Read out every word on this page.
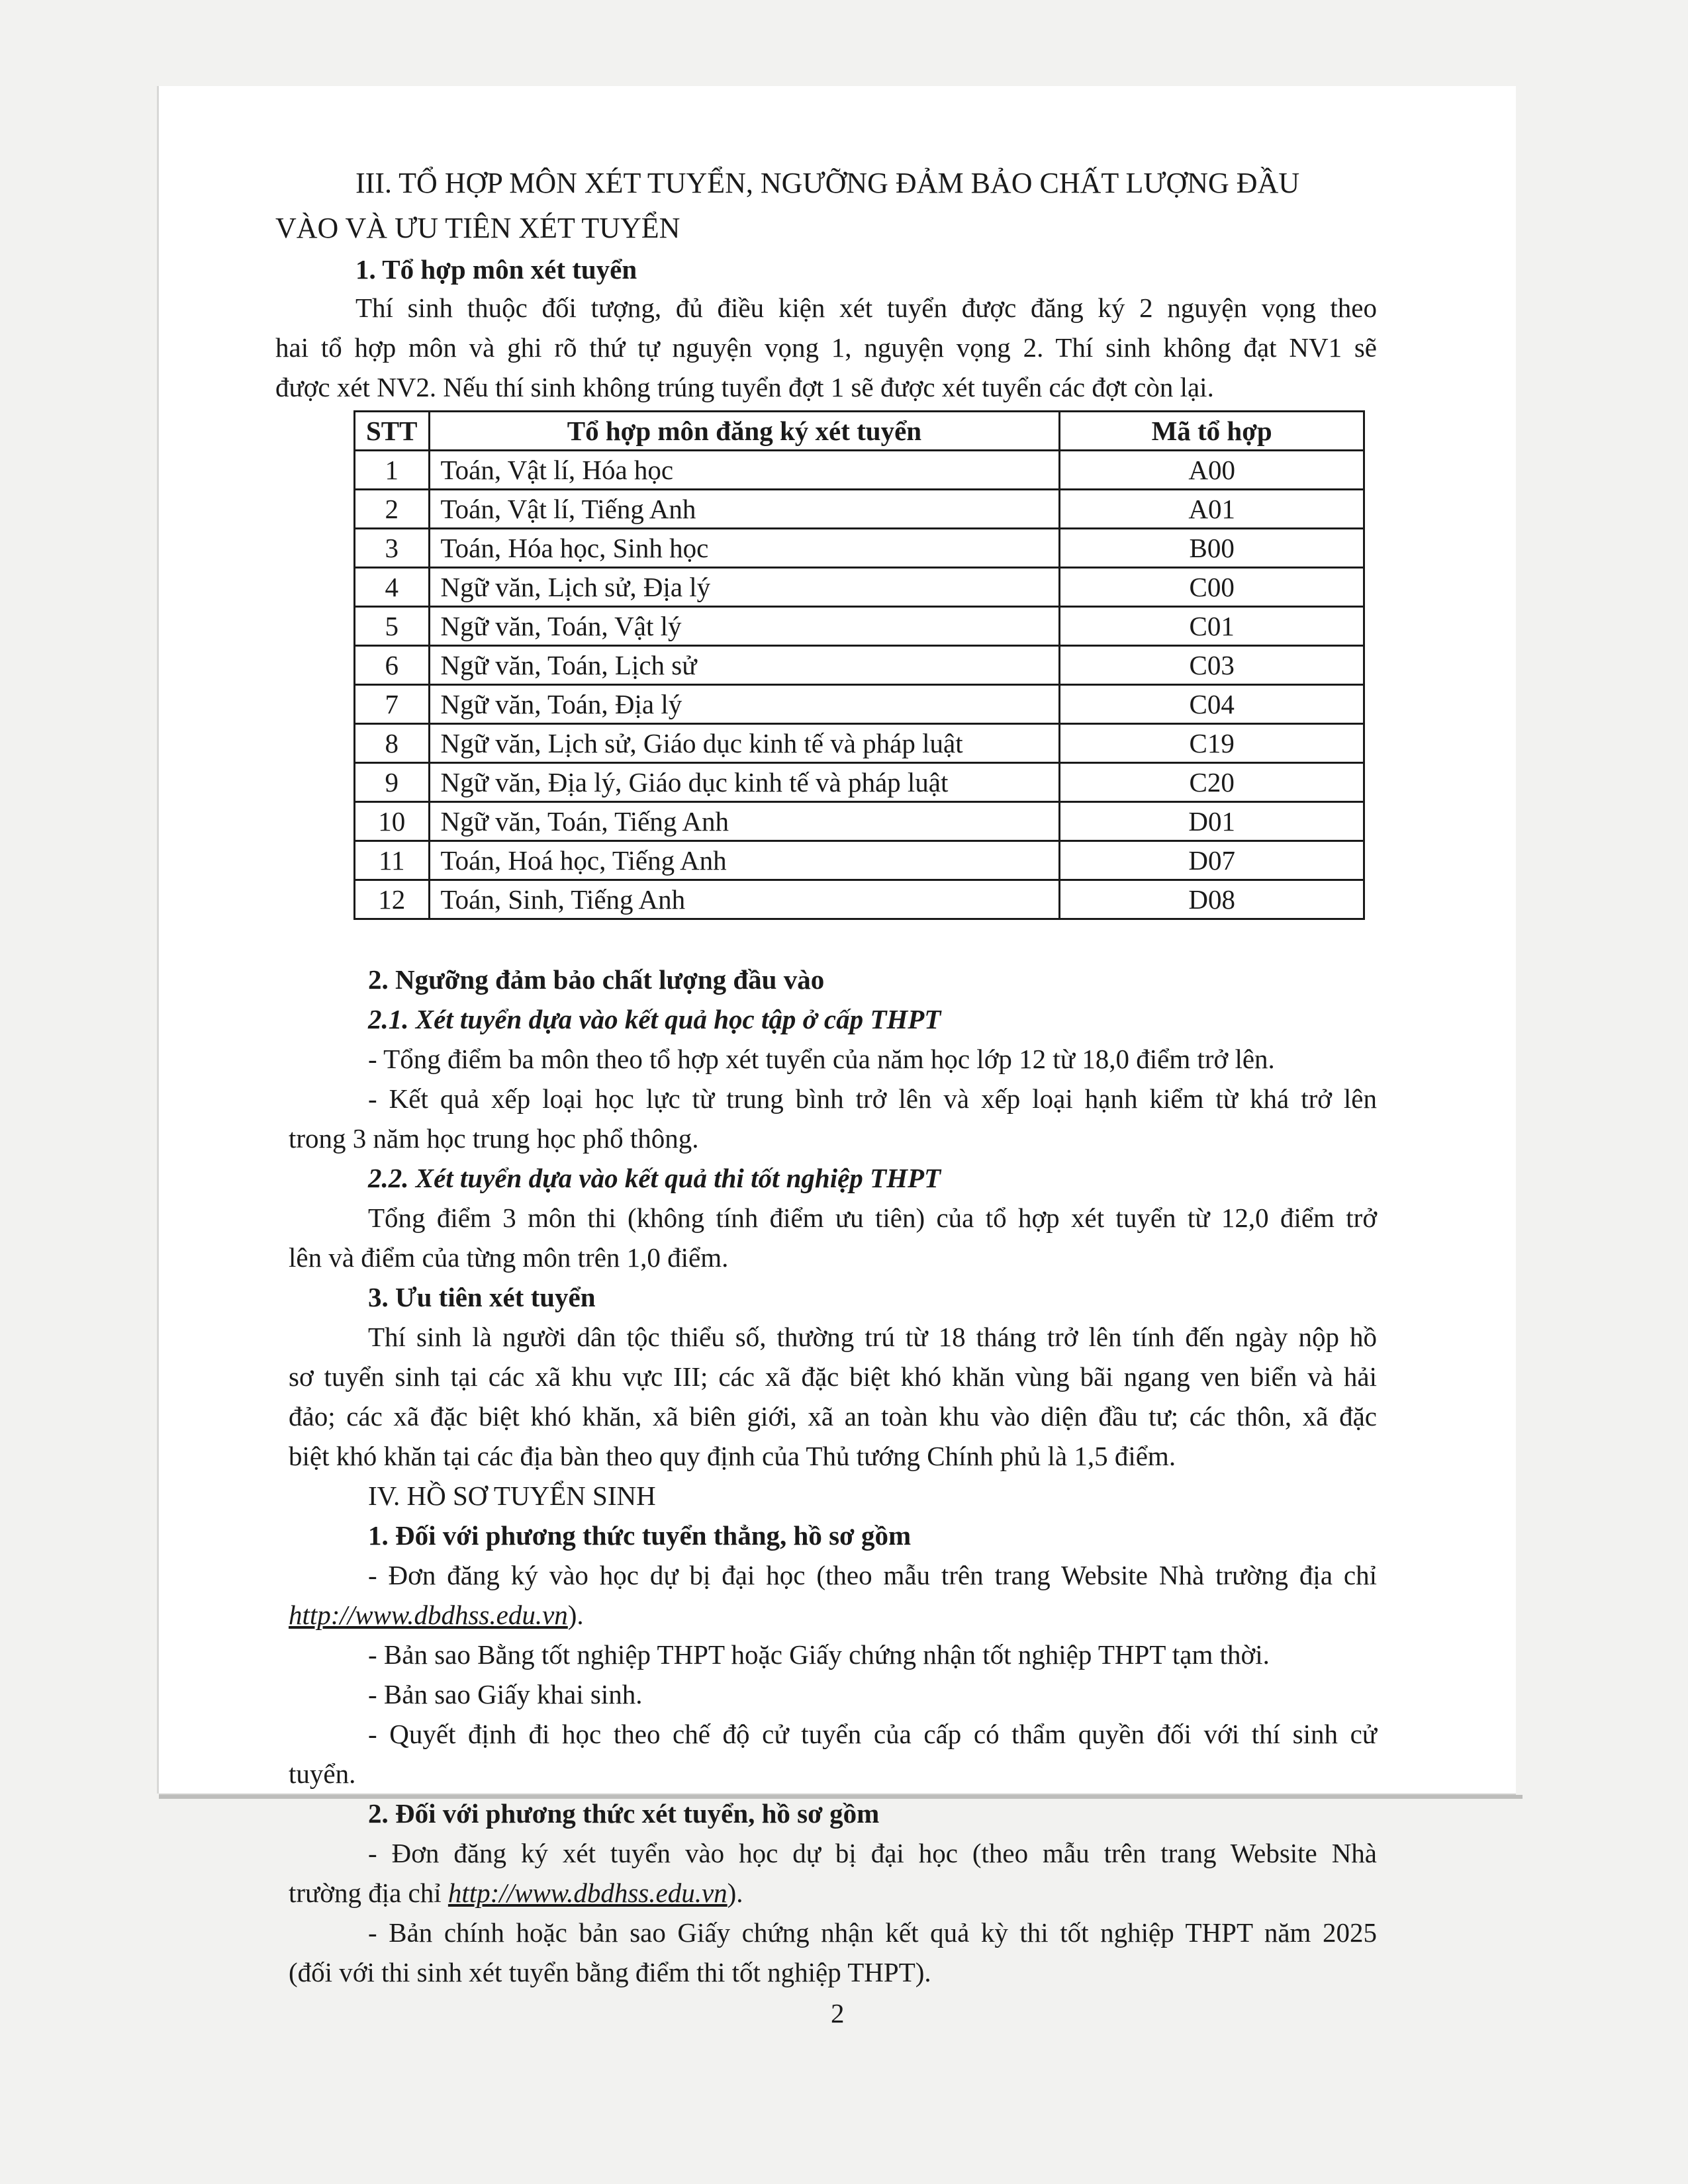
III. TỔ HỢP MÔN XÉT TUYỂN, NGƯỠNG ĐẢM BẢO CHẤT LƯỢNG ĐẦU
VÀO VÀ ƯU TIÊN XÉT TUYỂN
1. Tổ hợp môn xét tuyển
Thí sinh thuộc đối tượng, đủ điều kiện xét tuyển được đăng ký 2 nguyện vọng theo
hai tổ hợp môn và ghi rõ thứ tự nguyện vọng 1, nguyện vọng 2. Thí sinh không đạt NV1 sẽ
được xét NV2. Nếu thí sinh không trúng tuyển đợt 1 sẽ được xét tuyển các đợt còn lại.
STT	Tổ hợp môn đăng ký xét tuyển	Mã tổ hợp
1	Toán, Vật lí, Hóa học	A00
2	Toán, Vật lí, Tiếng Anh	A01
3	Toán, Hóa học, Sinh học	B00
4	Ngữ văn, Lịch sử, Địa lý	C00
5	Ngữ văn, Toán, Vật lý	C01
6	Ngữ văn, Toán, Lịch sử	C03
7	Ngữ văn, Toán, Địa lý	C04
8	Ngữ văn, Lịch sử, Giáo dục kinh tế và pháp luật	C19
9	Ngữ văn, Địa lý, Giáo dục kinh tế và pháp luật	C20
10	Ngữ văn, Toán, Tiếng Anh	D01
11	Toán, Hoá học, Tiếng Anh	D07
12	Toán, Sinh, Tiếng Anh	D08
2. Ngưỡng đảm bảo chất lượng đầu vào
2.1. Xét tuyển dựa vào kết quả học tập ở cấp THPT
- Tổng điểm ba môn theo tổ hợp xét tuyển của năm học lớp 12 từ 18,0 điểm trở lên.
- Kết quả xếp loại học lực từ trung bình trở lên và xếp loại hạnh kiểm từ khá trở lên
trong 3 năm học trung học phổ thông.
2.2. Xét tuyển dựa vào kết quả thi tốt nghiệp THPT
Tổng điểm 3 môn thi (không tính điểm ưu tiên) của tổ hợp xét tuyển từ 12,0 điểm trở
lên và điểm của từng môn trên 1,0 điểm.
3. Ưu tiên xét tuyển
Thí sinh là người dân tộc thiểu số, thường trú từ 18 tháng trở lên tính đến ngày nộp hồ
sơ tuyển sinh tại các xã khu vực III; các xã đặc biệt khó khăn vùng bãi ngang ven biển và hải
đảo; các xã đặc biệt khó khăn, xã biên giới, xã an toàn khu vào diện đầu tư; các thôn, xã đặc
biệt khó khăn tại các địa bàn theo quy định của Thủ tướng Chính phủ là 1,5 điểm.
IV. HỒ SƠ TUYỂN SINH
1. Đối với phương thức tuyển thẳng, hồ sơ gồm
- Đơn đăng ký vào học dự bị đại học (theo mẫu trên trang Website Nhà trường địa chỉ
http://www.dbdhss.edu.vn).
- Bản sao Bằng tốt nghiệp THPT hoặc Giấy chứng nhận tốt nghiệp THPT tạm thời.
- Bản sao Giấy khai sinh.
- Quyết định đi học theo chế độ cử tuyển của cấp có thẩm quyền đối với thí sinh cử
tuyển.
2. Đối với phương thức xét tuyển, hồ sơ gồm
- Đơn đăng ký xét tuyển vào học dự bị đại học (theo mẫu trên trang Website Nhà
trường địa chỉ http://www.dbdhss.edu.vn).
- Bản chính hoặc bản sao Giấy chứng nhận kết quả kỳ thi tốt nghiệp THPT năm 2025
(đối với thi sinh xét tuyển bằng điểm thi tốt nghiệp THPT).
2
